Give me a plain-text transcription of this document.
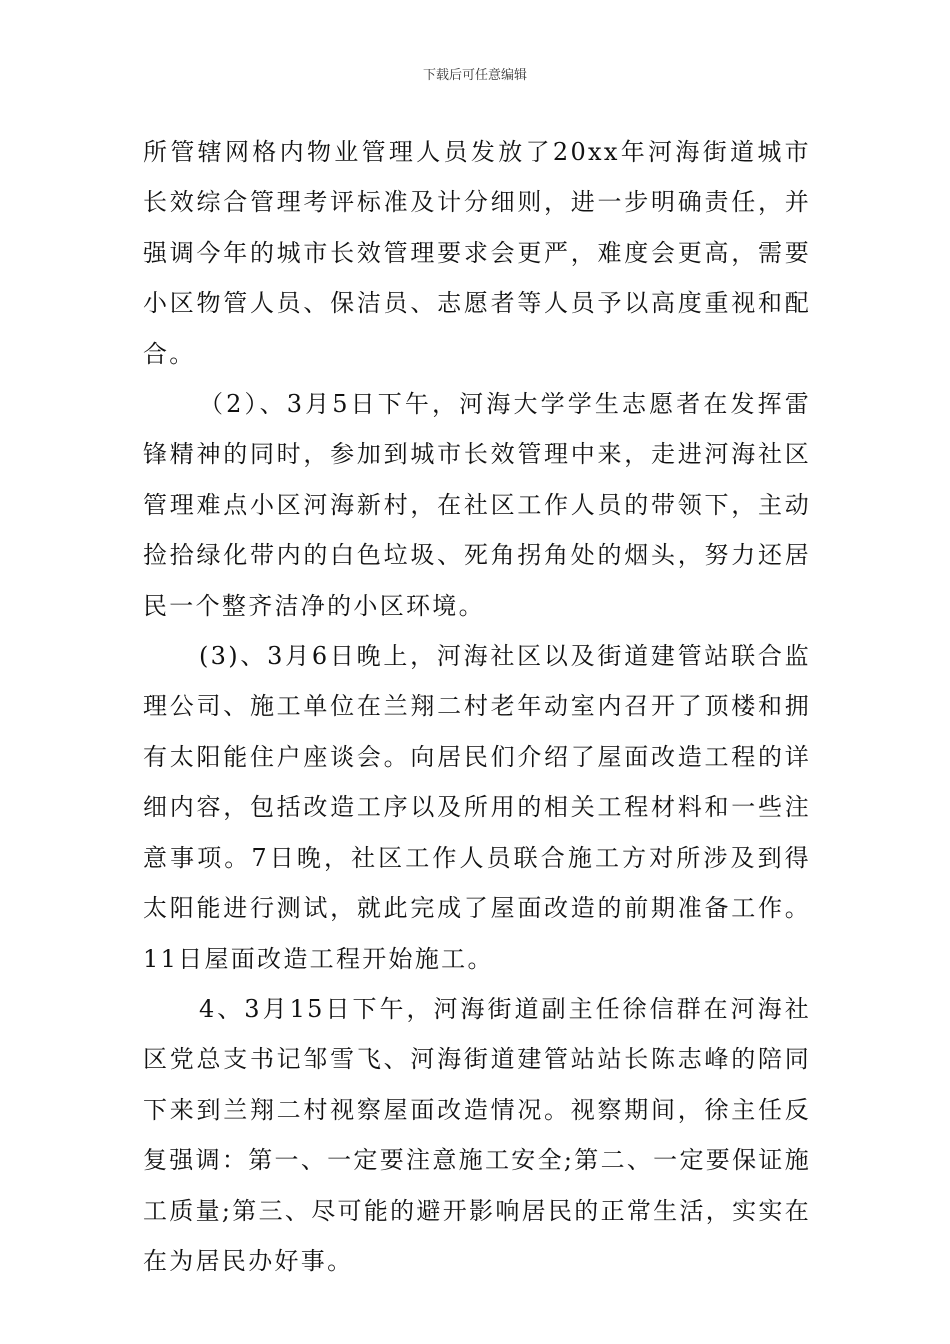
下载后可任意编辑

所管辖网格内物业管理人员发放了20xx年河海街道城市长效综合管理考评标准及计分细则，进一步明确责任，并强调今年的城市长效管理要求会更严，难度会更高，需要小区物管人员、保洁员、志愿者等人员予以高度重视和配合。

（2）、3月5日下午，河海大学学生志愿者在发挥雷锋精神的同时，参加到城市长效管理中来，走进河海社区管理难点小区河海新村，在社区工作人员的带领下，主动捡拾绿化带内的白色垃圾、死角拐角处的烟头，努力还居民一个整齐洁净的小区环境。

(3)、3月6日晚上，河海社区以及街道建管站联合监理公司、施工单位在兰翔二村老年动室内召开了顶楼和拥有太阳能住户座谈会。向居民们介绍了屋面改造工程的详细内容，包括改造工序以及所用的相关工程材料和一些注意事项。7日晚，社区工作人员联合施工方对所涉及到得太阳能进行测试，就此完成了屋面改造的前期准备工作。11日屋面改造工程开始施工。

4、3月15日下午，河海街道副主任徐信群在河海社区党总支书记邹雪飞、河海街道建管站站长陈志峰的陪同下来到兰翔二村视察屋面改造情况。视察期间，徐主任反复强调：第一、一定要注意施工安全;第二、一定要保证施工质量;第三、尽可能的避开影响居民的正常生活，实实在在为居民办好事。
